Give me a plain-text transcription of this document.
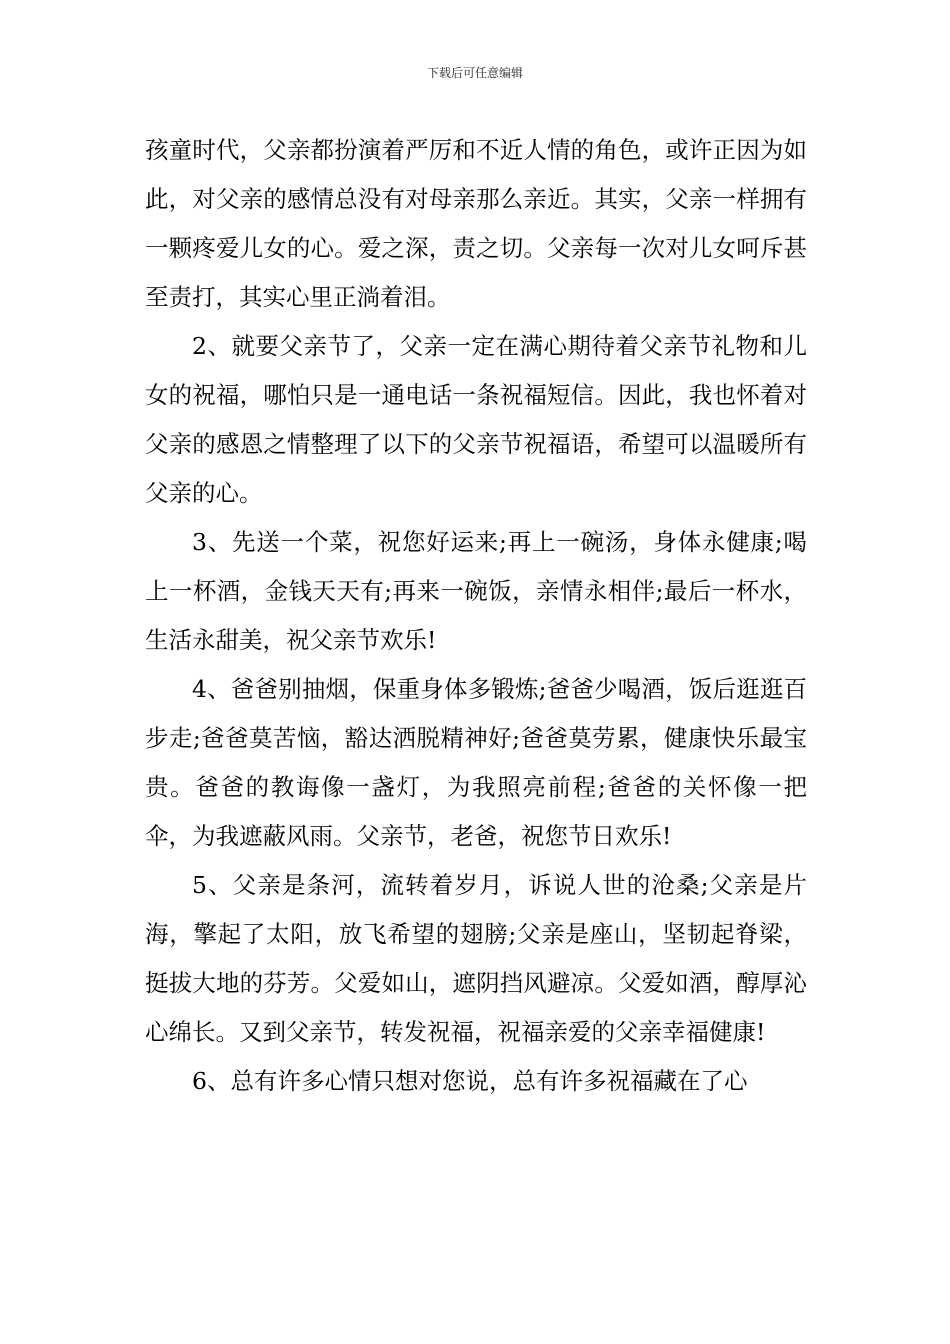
下载后可任意编辑

孩童时代，父亲都扮演着严厉和不近人情的角色，或许正因为如此，对父亲的感情总没有对母亲那么亲近。其实，父亲一样拥有一颗疼爱儿女的心。爱之深，责之切。父亲每一次对儿女呵斥甚至责打，其实心里正淌着泪。

2、就要父亲节了，父亲一定在满心期待着父亲节礼物和儿女的祝福，哪怕只是一通电话一条祝福短信。因此，我也怀着对父亲的感恩之情整理了以下的父亲节祝福语，希望可以温暖所有父亲的心。

3、先送一个菜，祝您好运来;再上一碗汤，身体永健康;喝上一杯酒，金钱天天有;再来一碗饭，亲情永相伴;最后一杯水，生活永甜美，祝父亲节欢乐!

4、爸爸别抽烟，保重身体多锻炼;爸爸少喝酒，饭后逛逛百步走;爸爸莫苦恼，豁达洒脱精神好;爸爸莫劳累，健康快乐最宝贵。爸爸的教诲像一盏灯，为我照亮前程;爸爸的关怀像一把伞，为我遮蔽风雨。父亲节，老爸，祝您节日欢乐!

5、父亲是条河，流转着岁月，诉说人世的沧桑;父亲是片海，擎起了太阳，放飞希望的翅膀;父亲是座山，坚韧起脊梁，挺拔大地的芬芳。父爱如山，遮阴挡风避凉。父爱如酒，醇厚沁心绵长。又到父亲节，转发祝福，祝福亲爱的父亲幸福健康!

6、总有许多心情只想对您说，总有许多祝福藏在了心
